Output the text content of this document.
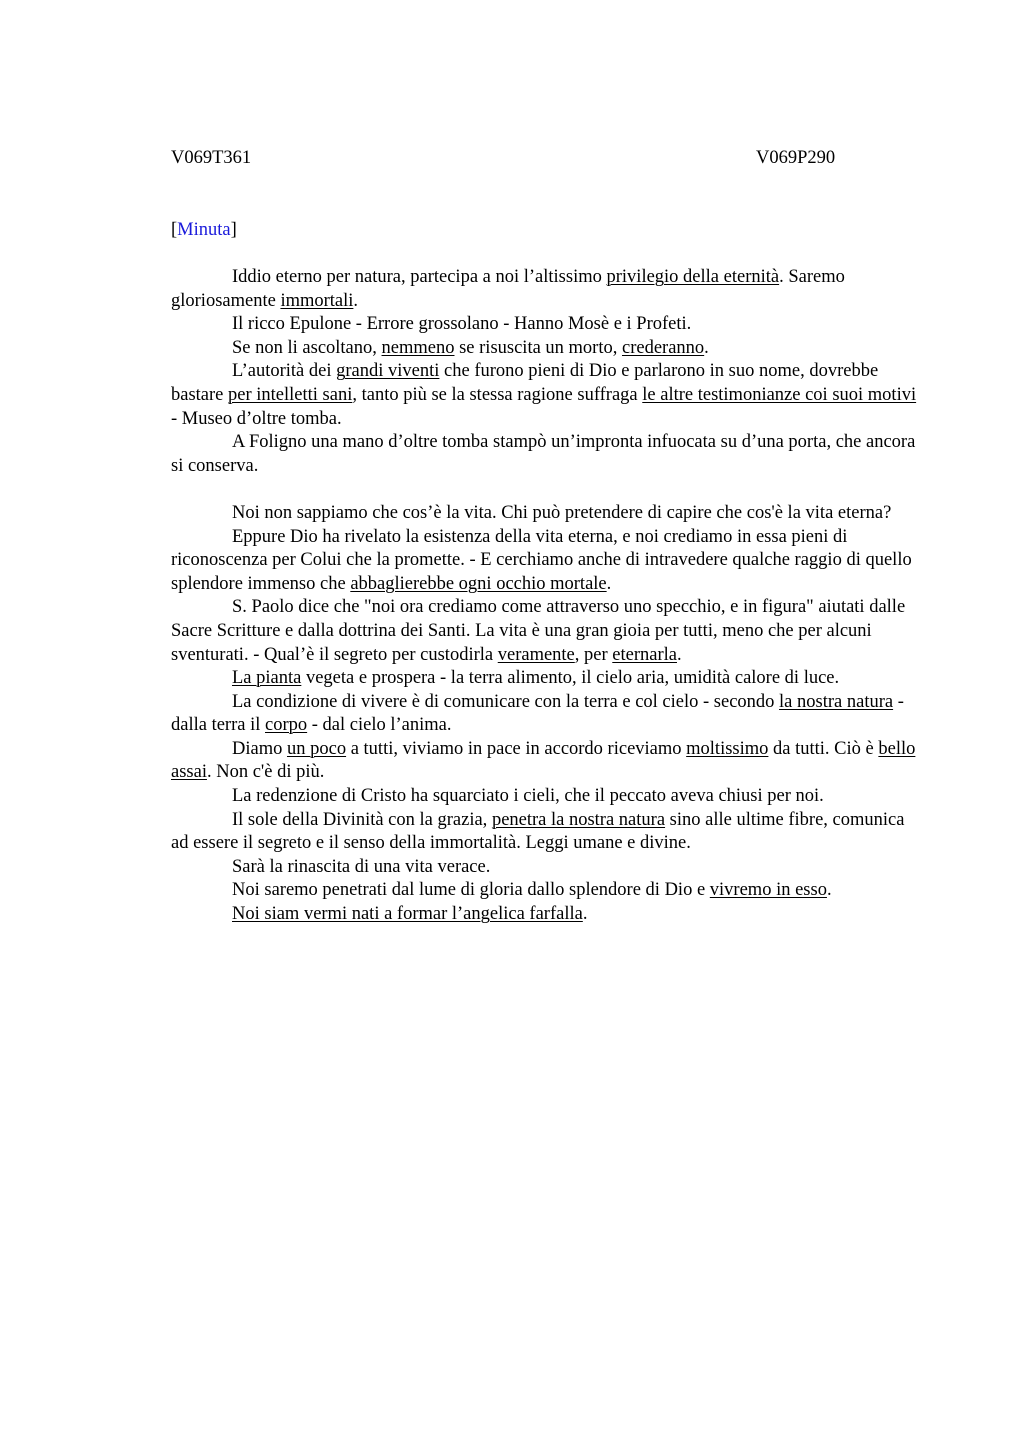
V069T361	V069P290
[Minuta]

Iddio eterno per natura, partecipa a noi l’altissimo privilegio della eternità. Saremo gloriosamente immortali.

Il ricco Epulone - Errore grossolano - Hanno Mosè e i Profeti.

Se non li ascoltano, nemmeno se risuscita un morto, crederanno.

L’autorità dei grandi viventi che furono pieni di Dio e parlarono in suo nome, dovrebbe bastare per intelletti sani, tanto più se la stessa ragione suffraga le altre testimonianze coi suoi motivi - Museo d’oltre tomba.

A Foligno una mano d’oltre tomba stampò un’impronta infuocata su d’una porta, che ancora si conserva.

Noi non sappiamo che cos’è la vita. Chi può pretendere di capire che cos'è la vita eterna?

Eppure Dio ha rivelato la esistenza della vita eterna, e noi crediamo in essa pieni di riconoscenza per Colui che la promette. - E cerchiamo anche di intravedere qualche raggio di quello splendore immenso che abbaglierebbe ogni occhio mortale.

S. Paolo dice che "noi ora crediamo come attraverso uno specchio, e in figura" aiutati dalle Sacre Scritture e dalla dottrina dei Santi. La vita è una gran gioia per tutti, meno che per alcuni sventurati. - Qual’è il segreto per custodirla veramente, per eternarla.

La pianta vegeta e prospera - la terra alimento, il cielo aria, umidità calore di luce.

La condizione di vivere è di comunicare con la terra e col cielo - secondo la nostra natura - dalla terra il corpo - dal cielo l’anima.

Diamo un poco a tutti, viviamo in pace in accordo riceviamo moltissimo da tutti. Ciò è bello assai. Non c'è di più.

La redenzione di Cristo ha squarciato i cieli, che il peccato aveva chiusi per noi.

Il sole della Divinità con la grazia, penetra la nostra natura sino alle ultime fibre, comunica ad essere il segreto e il senso della immortalità. Leggi umane e divine.

Sarà la rinascita di una vita verace.

Noi saremo penetrati dal lume di gloria dallo splendore di Dio e vivremo in esso.

Noi siam vermi nati a formar l’angelica farfalla.
